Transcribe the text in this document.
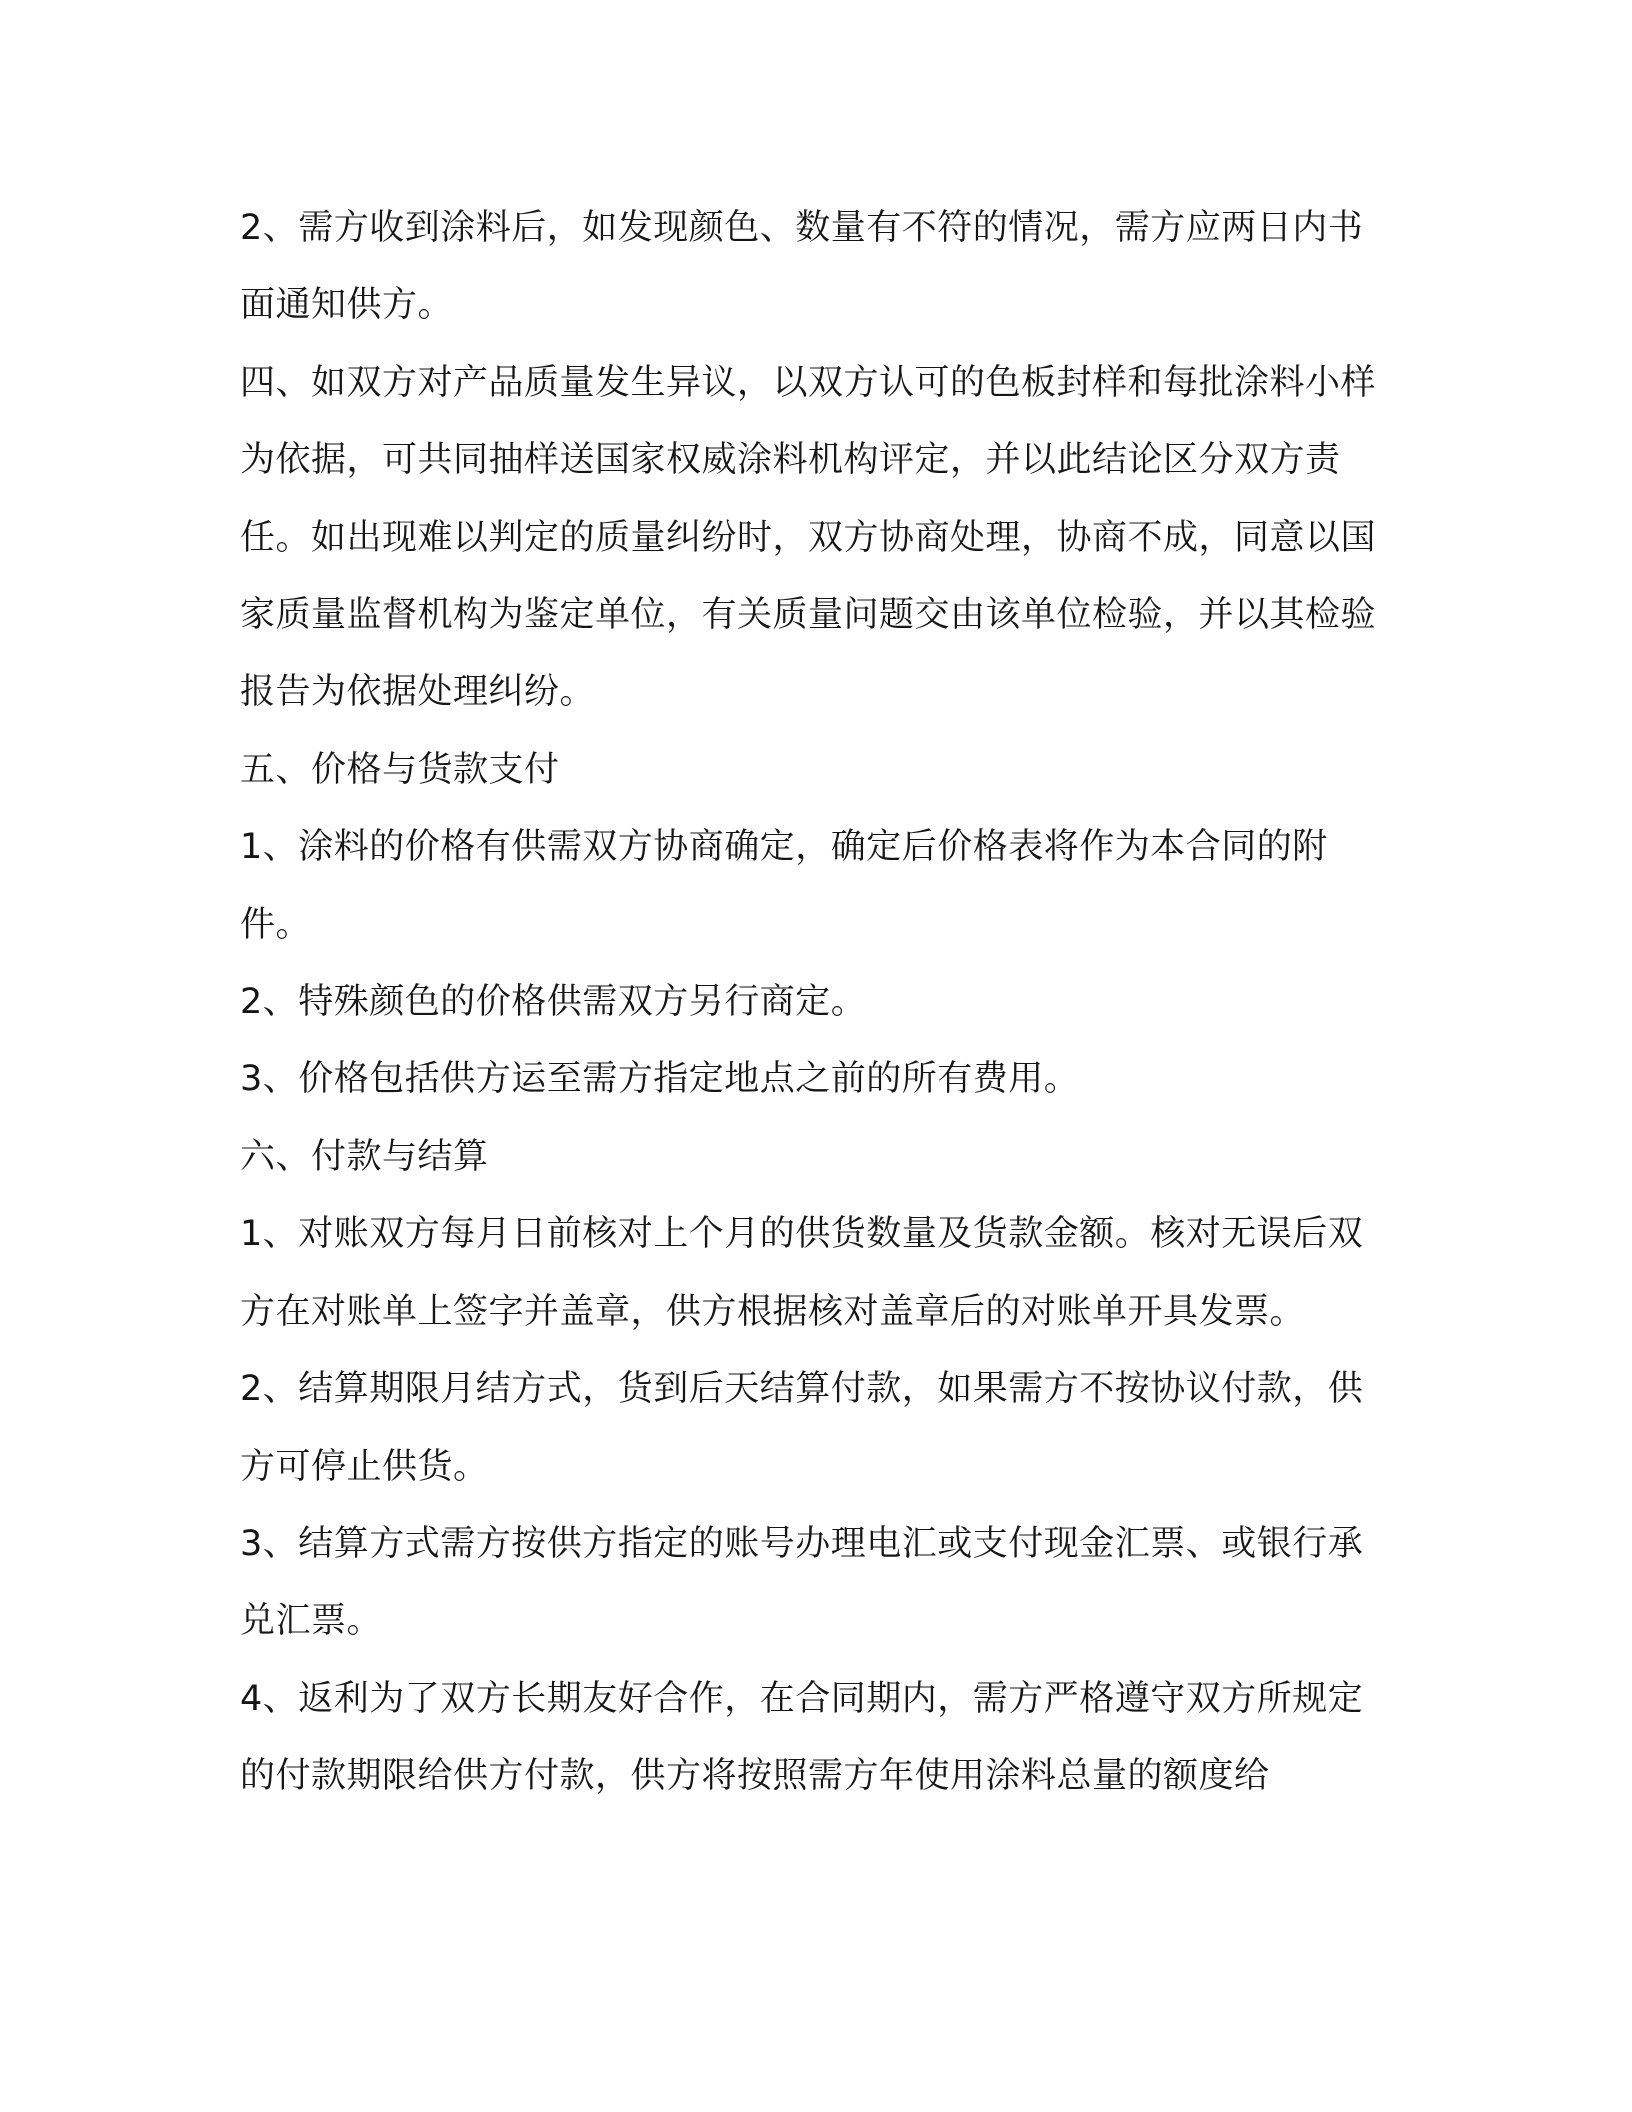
2、需方收到涂料后，如发现颜色、数量有不符的情况，需方应两日内书面通知供方。

四、如双方对产品质量发生异议，以双方认可的色板封样和每批涂料小样为依据，可共同抽样送国家权威涂料机构评定，并以此结论区分双方责任。如出现难以判定的质量纠纷时，双方协商处理，协商不成，同意以国家质量监督机构为鉴定单位，有关质量问题交由该单位检验，并以其检验报告为依据处理纠纷。

五、价格与货款支付

1、涂料的价格有供需双方协商确定，确定后价格表将作为本合同的附件。

2、特殊颜色的价格供需双方另行商定。

3、价格包括供方运至需方指定地点之前的所有费用。

六、付款与结算

1、对账双方每月日前核对上个月的供货数量及货款金额。核对无误后双方在对账单上签字并盖章，供方根据核对盖章后的对账单开具发票。

2、结算期限月结方式，货到后天结算付款，如果需方不按协议付款，供方可停止供货。

3、结算方式需方按供方指定的账号办理电汇或支付现金汇票、或银行承兑汇票。

4、返利为了双方长期友好合作，在合同期内，需方严格遵守双方所规定的付款期限给供方付款，供方将按照需方年使用涂料总量的额度给
